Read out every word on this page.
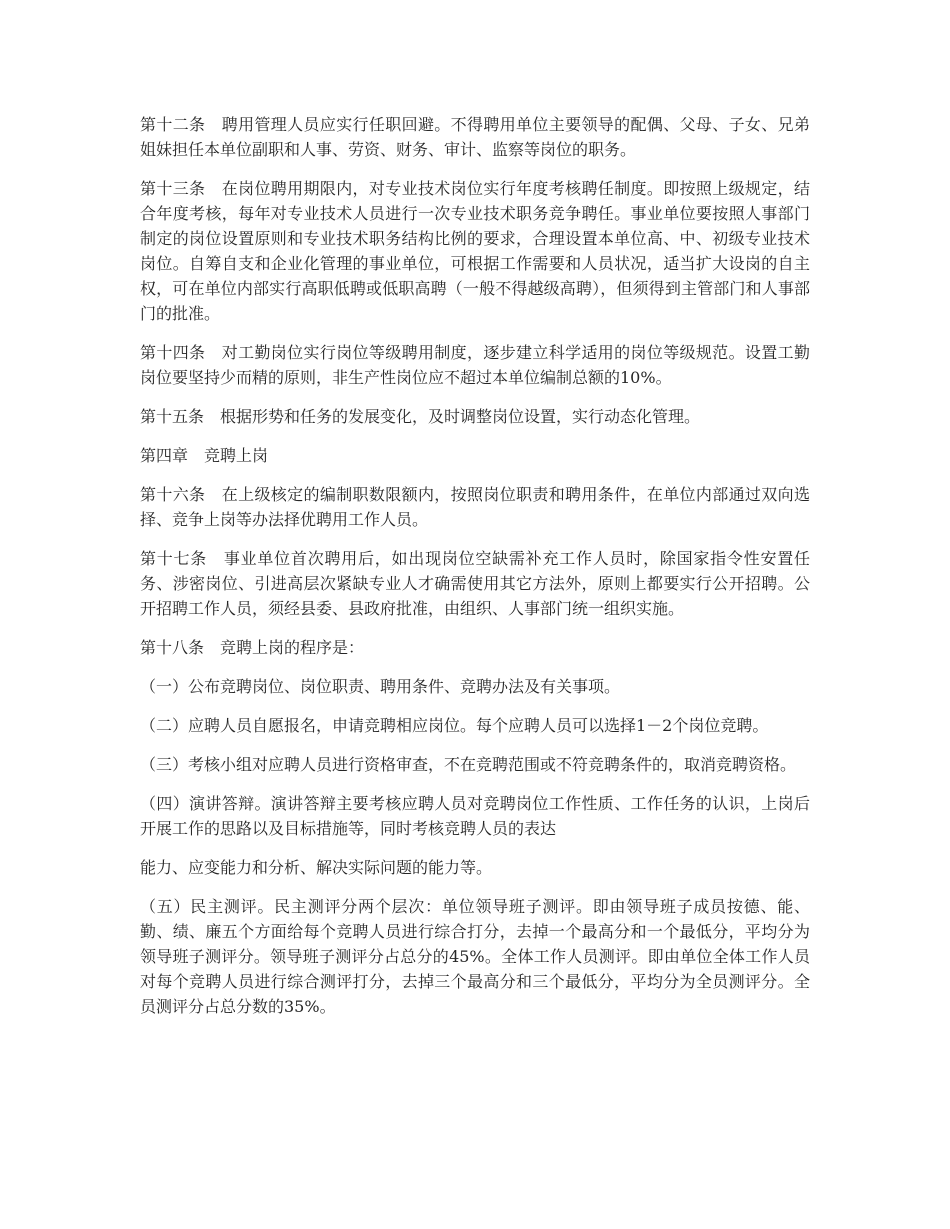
第十二条　聘用管理人员应实行任职回避。不得聘用单位主要领导的配偶、父母、子女、兄弟姐妹担任本单位副职和人事、劳资、财务、审计、监察等岗位的职务。

第十三条　在岗位聘用期限内，对专业技术岗位实行年度考核聘任制度。即按照上级规定，结合年度考核，每年对专业技术人员进行一次专业技术职务竞争聘任。事业单位要按照人事部门制定的岗位设置原则和专业技术职务结构比例的要求，合理设置本单位高、中、初级专业技术岗位。自筹自支和企业化管理的事业单位，可根据工作需要和人员状况，适当扩大设岗的自主权，可在单位内部实行高职低聘或低职高聘（一般不得越级高聘），但须得到主管部门和人事部门的批准。

第十四条　对工勤岗位实行岗位等级聘用制度，逐步建立科学适用的岗位等级规范。设置工勤岗位要坚持少而精的原则，非生产性岗位应不超过本单位编制总额的10%。

第十五条　根据形势和任务的发展变化，及时调整岗位设置，实行动态化管理。

第四章　竞聘上岗

第十六条　在上级核定的编制职数限额内，按照岗位职责和聘用条件，在单位内部通过双向选择、竞争上岗等办法择优聘用工作人员。

第十七条　事业单位首次聘用后，如出现岗位空缺需补充工作人员时，除国家指令性安置任务、涉密岗位、引进高层次紧缺专业人才确需使用其它方法外，原则上都要实行公开招聘。公开招聘工作人员，须经县委、县政府批准，由组织、人事部门统一组织实施。

第十八条　竞聘上岗的程序是：

（一）公布竞聘岗位、岗位职责、聘用条件、竞聘办法及有关事项。

（二）应聘人员自愿报名，申请竞聘相应岗位。每个应聘人员可以选择1－2个岗位竞聘。

（三）考核小组对应聘人员进行资格审查，不在竞聘范围或不符竞聘条件的，取消竞聘资格。

（四）演讲答辩。演讲答辩主要考核应聘人员对竞聘岗位工作性质、工作任务的认识，上岗后开展工作的思路以及目标措施等，同时考核竞聘人员的表达

能力、应变能力和分析、解决实际问题的能力等。

（五）民主测评。民主测评分两个层次：单位领导班子测评。即由领导班子成员按德、能、勤、绩、廉五个方面给每个竞聘人员进行综合打分，去掉一个最高分和一个最低分，平均分为领导班子测评分。领导班子测评分占总分的45%。全体工作人员测评。即由单位全体工作人员对每个竞聘人员进行综合测评打分，去掉三个最高分和三个最低分，平均分为全员测评分。全员测评分占总分数的35%。
